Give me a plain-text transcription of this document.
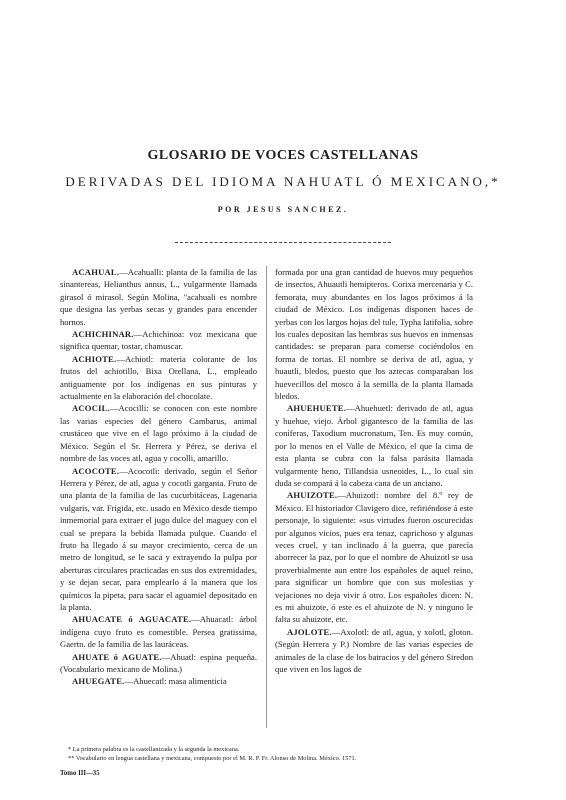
GLOSARIO DE VOCES CASTELLANAS
DERIVADAS DEL IDIOMA NAHUATL Ó MEXICANO,*
POR JESUS SANCHEZ.

ACAHUAL.—Acahualli: planta de la familia de las sinantereas, Helianthus annus, L., vulgarmente llamada girasol ó mirasol. Según Molina, "acahuali es nombre que designa las yerbas secas y grandes para encender hornos.

ACHICHINAR.—Achichinoa: voz mexicana que significa quemar, tostar, chamuscar.

ACHIOTE.—Achiotl: materia colorante de los frutos del achiotillo, Bixa Orellana, L., empleado antiguamente por los indígenas en sus pinturas y actualmente en la elaboración del chocolate.

ACOCIL.—Acocilli: se conocen con este nombre las varias especies del género Cambarus, animal crustáceo que vive en el lago próximo á la ciudad de México. Según el Sr. Herrera y Pérez, se deriva el nombre de las voces atl, agua y cocolli, amarillo.

ACOCOTE.—Acocotli: derivado, según el Señor Herrera y Pérez, de atl, agua y cocotli garganta. Fruto de una planta de la familia de las cucurbitáceas, Lagenaria vulgaris, var. Frigida, etc. usado en México desde tiempo inmemorial para extraer el jugo dulce del maguey con el cual se prepara la bebida llamada pulque. Cuando el fruto ha llegado á su mayor crecimiento, cerca de un metro de longitud, se le saca y extrayendo la pulpa por aberturas circulares practicadas en sus dos extremidades, y se dejan secar, para emplearlo á la manera que los químicos la pipeta, para sacar el aguamiel depositado en la planta.

AHUACATE ó AGUACATE.—Ahuacatl: árbol indígena cuyo fruto es comestible. Persea gratissima, Gaertn. de la familia de las lauráceas.

AHUATE ó AGUATE.—Ahuatl: espina pequeña. (Vocabulario mexicano de Molina.)

AHUEGATE.—Ahuecatl: masa alimenticia

formada por una gran cantidad de huevos muy pequeños de insectos, Ahuautli hemipteros. Corixa mercenaria y C. femorata, muy abundantes en los lagos próximos á la ciudad de México. Los indígenas disponen haces de yerbas con los largos hojas del tule, Typha latifolia, sobre los cuales depositan las hembras sus huevos en inmensas cantidades: se preparan para comerse cociéndolos en forma de tortas. El nombre se deriva de atl, agua, y huautli, bledos, puesto que los aztecas comparaban los huevecillos del mosco á la semilla de la planta llamada bledos.

AHUEHUETE.—Ahuehuetl: derivado de atl, agua y huehue, viejo. Árbol gigantesco de la familia de las coníferas, Taxodium mucronatum, Ten. Es muy común, por lo menos en el Valle de México, el que la cima de esta planta se cubra con la falsa parásita llamada vulgarmente heno, Tillandsia usneoides, L., lo cual sin duda se compará á la cabeza cana de un anciano.

AHUIZOTE.—Ahuizotl: nombre del 8.º rey de México. El historiador Clavigero dice, refiriéndose á este personaje, lo siguiente: «sus virtudes fueron oscurecidas por algunos vicios, pues era tenaz, caprichoso y algunas veces cruel, y tan inclinado á la guerra, que parecía aborrecer la paz, por lo que el nombre de Ahuizotl se usa proverbialmente aun entre los españoles de aquel reino, para significar un hombre que con sus molestias y vejaciones no deja vivir á otro. Los españoles dicen: N. es mi ahuizote, ó este es el ahuizote de N. y ninguno le falta su ahuizote, etc.

AJOLOTE.—Axolotl: de atl, agua, y xolotl, gloton. (Según Herrera y P.) Nombre de las varias especies de animales de la clase de los batracios y del género Siredon que viven en los lagos de

* La primera palabra es la castellanizada y la segunda la mexicana.

** Vocabulario en lengua castellana y mexicana, compuesto por el M. R. P. Fr. Alonso de Molina. México. 1571.

Tomo III—35
